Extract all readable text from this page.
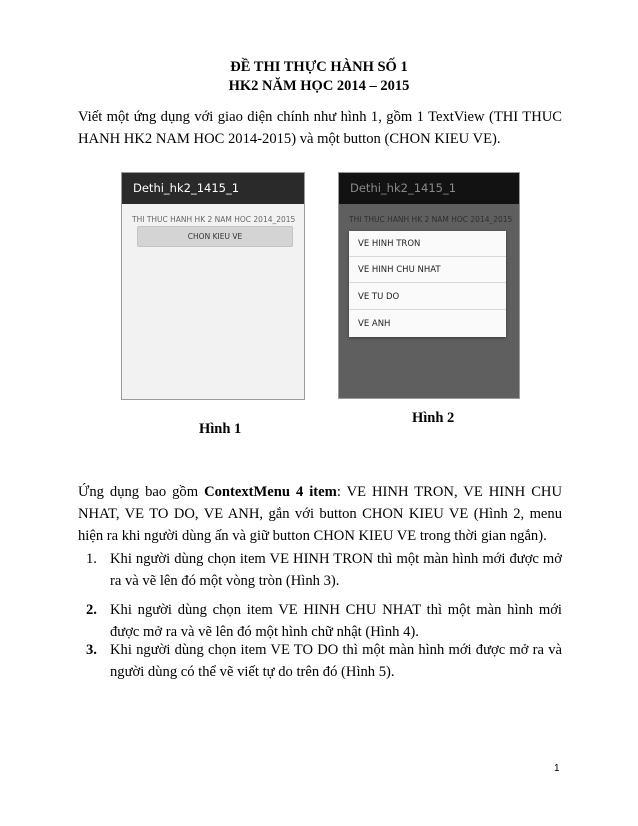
ĐỀ THI THỰC HÀNH SỐ 1
HK2 NĂM HỌC 2014 – 2015
Viết một ứng dụng với giao diện chính như hình 1, gồm 1 TextView (THI THUC
HANH HK2 NAM HOC 2014-2015) và một button (CHON KIEU VE).
Dethi_hk2_1415_1
THI THUC HANH HK 2 NAM HOC 2014_2015
CHON KIEU VE
Dethi_hk2_1415_1
THI THUC HANH HK 2 NAM HOC 2014_2015
VE HINH TRON
VE HINH CHU NHAT
VE TU DO
VE ANH
Hình 1
Hình 2
Ứng dụng bao gồm ContextMenu 4 item: VE HINH TRON, VE HINH CHU
NHAT, VE TO DO, VE ANH, gắn với button CHON KIEU VE (Hình 2, menu
hiện ra khi người dùng ấn và giữ button CHON KIEU VE trong thời gian ngắn).
1. Khi người dùng chọn item VE HINH TRON thì một màn hình mới được mở
ra và vẽ lên đó một vòng tròn (Hình 3).
2. Khi người dùng chọn item VE HINH CHU NHAT thì một màn hình mới
được mở ra và vẽ lên đó một hình chữ nhật (Hình 4).
3. Khi người dùng chọn item VE TO DO thì một màn hình mới được mở ra và
người dùng có thể vẽ viết tự do trên đó (Hình 5).
1
